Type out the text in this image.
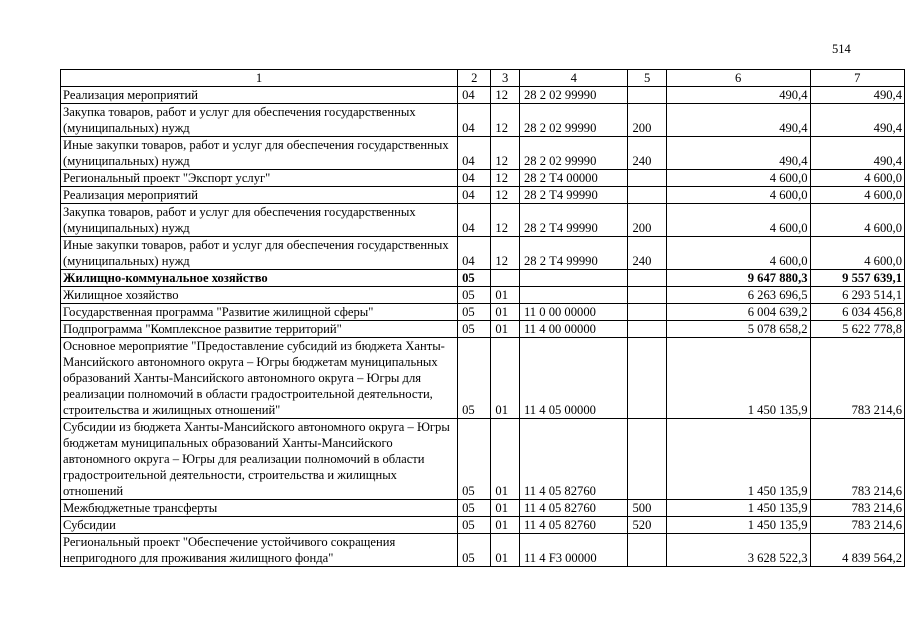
514
1	2	3	4	5	6	7
Реализация мероприятий	04	12	28 2 02 99990		490,4	490,4
Закупка товаров, работ и услуг для обеспечения государственных (муниципальных) нужд	04	12	28 2 02 99990	200	490,4	490,4
Иные закупки товаров, работ и услуг для обеспечения государственных (муниципальных) нужд	04	12	28 2 02 99990	240	490,4	490,4
Региональный проект "Экспорт услуг"	04	12	28 2 Т4 00000		4 600,0	4 600,0
Реализация мероприятий	04	12	28 2 Т4 99990		4 600,0	4 600,0
Закупка товаров, работ и услуг для обеспечения государственных (муниципальных) нужд	04	12	28 2 Т4 99990	200	4 600,0	4 600,0
Иные закупки товаров, работ и услуг для обеспечения государственных (муниципальных) нужд	04	12	28 2 Т4 99990	240	4 600,0	4 600,0
Жилищно-коммунальное хозяйство	05				9 647 880,3	9 557 639,1
Жилищное хозяйство	05	01			6 263 696,5	6 293 514,1
Государственная программа "Развитие жилищной сферы"	05	01	11 0 00 00000		6 004 639,2	6 034 456,8
Подпрограмма "Комплексное развитие территорий"	05	01	11 4 00 00000		5 078 658,2	5 622 778,8
Основное мероприятие "Предоставление субсидий из бюджета Ханты-Мансийского автономного округа – Югры бюджетам муниципальных образований Ханты-Мансийского автономного округа – Югры для реализации полномочий в области градостроительной деятельности, строительства и жилищных отношений"	05	01	11 4 05 00000		1 450 135,9	783 214,6
Субсидии из бюджета Ханты-Мансийского автономного округа – Югры бюджетам муниципальных образований Ханты-Мансийского автономного округа – Югры для реализации полномочий в области градостроительной деятельности, строительства и жилищных отношений	05	01	11 4 05 82760		1 450 135,9	783 214,6
Межбюджетные трансферты	05	01	11 4 05 82760	500	1 450 135,9	783 214,6
Субсидии	05	01	11 4 05 82760	520	1 450 135,9	783 214,6
Региональный проект "Обеспечение устойчивого сокращения непригодного для проживания жилищного фонда"	05	01	11 4 F3 00000		3 628 522,3	4 839 564,2
